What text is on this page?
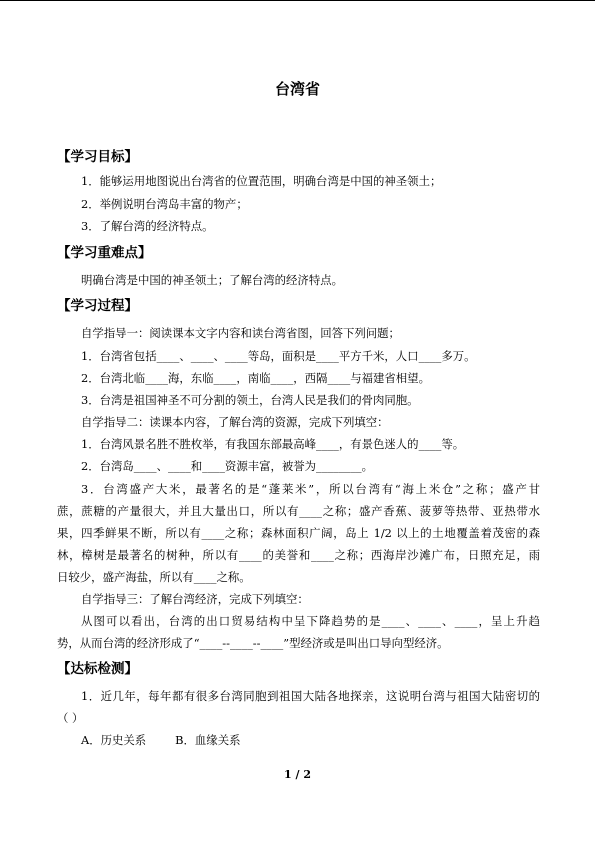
台湾省
【学习目标】
1．能够运用地图说出台湾省的位置范围，明确台湾是中国的神圣领土；
2．举例说明台湾岛丰富的物产；
3．了解台湾的经济特点。
【学习重难点】
明确台湾是中国的神圣领土；了解台湾的经济特点。
【学习过程】
自学指导一：阅读课本文字内容和读台湾省图，回答下列问题；
1．台湾省包括____、____、____等岛，面积是____平方千米，人口____多万。
2．台湾北临____海，东临____，南临____，西隔____与福建省相望。
3．台湾是祖国神圣不可分割的领土，台湾人民是我们的骨肉同胞。
自学指导二：读课本内容，了解台湾的资源，完成下列填空：
1．台湾风景名胜不胜枚举，有我国东部最高峰____，有景色迷人的____等。
2．台湾岛____、____和____资源丰富，被誉为________。
3．台湾盛产大米，最著名的是“蓬莱米”，所以台湾有“海上米仓”之称；盛产甘
蔗，蔗糖的产量很大，并且大量出口，所以有____之称；盛产香蕉、菠萝等热带、亚热带水
果，四季鲜果不断，所以有____之称；森林面积广阔，岛上 1/2 以上的土地覆盖着茂密的森
林，樟树是最著名的树种，所以有____的美誉和____之称；西海岸沙滩广布，日照充足，雨
日较少，盛产海盐，所以有____之称。
自学指导三：了解台湾经济，完成下列填空：
从图可以看出，台湾的出口贸易结构中呈下降趋势的是____、____、____，呈上升趋
势，从而台湾的经济形成了“____--____--____”型经济或是叫出口导向型经济。
【达标检测】
1．近几年，每年都有很多台湾同胞到祖国大陆各地探亲，这说明台湾与祖国大陆密切的
（ ）
A．历史关系        B．血缘关系
1 / 2
